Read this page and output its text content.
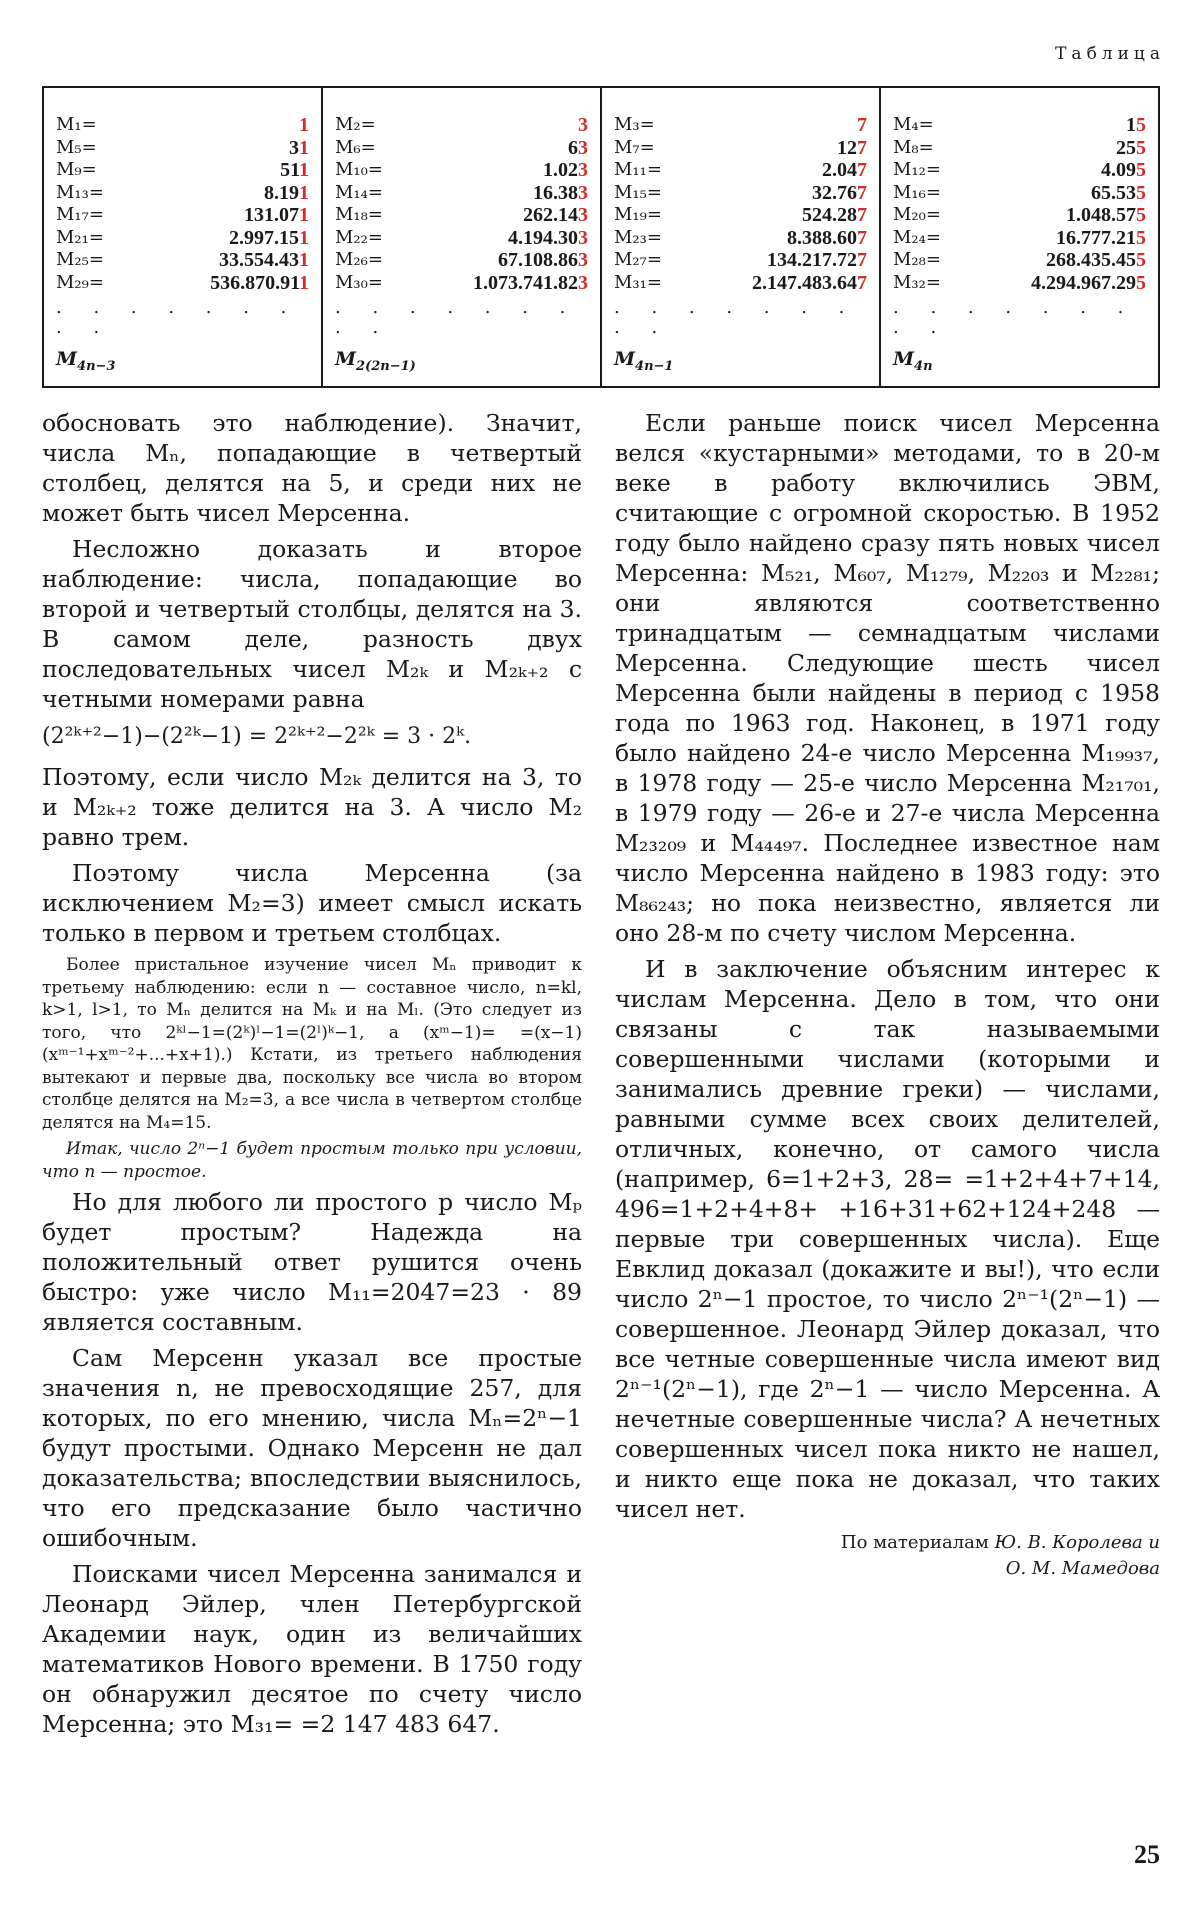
Таблица
M₁=	1
M₅=	31
M₉=	511
M₁₃=	8.191
M₁₇=	131.071
M₂₁=	2.997.151
M₂₅=	33.554.431
M₂₉=	536.870.911
. . . . . . . . .
$M_{4n-3}$

M₂=	3
M₆=	63
M₁₀=	1.023
M₁₄=	16.383
M₁₈=	262.143
M₂₂=	4.194.303
M₂₆=	67.108.863
M₃₀=	1.073.741.823
. . . . . . . . .
$M_{2(2n-1)}$

M₃=	7
M₇=	127
M₁₁=	2.047
M₁₅=	32.767
M₁₉=	524.287
M₂₃=	8.388.607
M₂₇=	134.217.727
M₃₁=	2.147.483.647
. . . . . . . . .
$M_{4n-1}$

M₄=	15
M₈=	255
M₁₂=	4.095
M₁₆=	65.535
M₂₀=	1.048.575
M₂₄=	16.777.215
M₂₈=	268.435.455
M₃₂=	4.294.967.295
. . . . . . . . .
$M_{4n}$

обосновать это наблюдение). Значит, числа Mₙ, попадающие в четвертый столбец, делятся на 5, и среди них не может быть чисел Мерсенна.

Несложно доказать и второе наблюдение: числа, попадающие во второй и четвертый столбцы, делятся на 3. В самом деле, разность двух последовательных чисел M₂ₖ и M₂ₖ₊₂ с четными номерами равна

(2²ᵏ⁺²−1)−(2²ᵏ−1) = 2²ᵏ⁺²−2²ᵏ = 3 · 2ᵏ.

Поэтому, если число M₂ₖ делится на 3, то и M₂ₖ₊₂ тоже делится на 3. А число M₂ равно трем.

Поэтому числа Мерсенна (за исключением M₂=3) имеет смысл искать только в первом и третьем столбцах.

Более пристальное изучение чисел Mₙ приводит к третьему наблюдению: если n — составное число, n=kl, k>1, l>1, то Mₙ делится на Mₖ и на Mₗ. (Это следует из того, что 2ᵏˡ−1=(2ᵏ)ˡ−1=(2ˡ)ᵏ−1, а (xᵐ−1)= =(x−1)(xᵐ⁻¹+xᵐ⁻²+...+x+1).) Кстати, из третьего наблюдения вытекают и первые два, поскольку все числа во втором столбце делятся на M₂=3, а все числа в четвертом столбце делятся на M₄=15.

Итак, число 2ⁿ−1 будет простым только при условии, что n — простое.

Но для любого ли простого p число Mₚ будет простым? Надежда на положительный ответ рушится очень быстро: уже число M₁₁=2047=23 · 89 является составным.

Сам Мерсенн указал все простые значения n, не превосходящие 257, для которых, по его мнению, числа Mₙ=2ⁿ−1 будут простыми. Однако Мерсенн не дал доказательства; впоследствии выяснилось, что его предсказание было частично ошибочным.

Поисками чисел Мерсенна занимался и Леонард Эйлер, член Петербургской Академии наук, один из величайших математиков Нового времени. В 1750 году он обнаружил десятое по счету число Мерсенна; это M₃₁= =2 147 483 647.

Если раньше поиск чисел Мерсенна велся «кустарными» методами, то в 20-м веке в работу включились ЭВМ, считающие с огромной скоростью. В 1952 году было найдено сразу пять новых чисел Мерсенна: M₅₂₁, M₆₀₇, M₁₂₇₉, M₂₂₀₃ и M₂₂₈₁; они являются соответственно тринадцатым — семнадцатым числами Мерсенна. Следующие шесть чисел Мерсенна были найдены в период с 1958 года по 1963 год. Наконец, в 1971 году было найдено 24-е число Мерсенна M₁₉₉₃₇, в 1978 году — 25-е число Мерсенна M₂₁₇₀₁, в 1979 году — 26-е и 27-е числа Мерсенна M₂₃₂₀₉ и M₄₄₄₉₇. Последнее известное нам число Мерсенна найдено в 1983 году: это M₈₆₂₄₃; но пока неизвестно, является ли оно 28-м по счету числом Мерсенна.

И в заключение объясним интерес к числам Мерсенна. Дело в том, что они связаны с так называемыми совершенными числами (которыми и занимались древние греки) — числами, равными сумме всех своих делителей, отличных, конечно, от самого числа (например, 6=1+2+3, 28= =1+2+4+7+14, 496=1+2+4+8+ +16+31+62+124+248 — первые три совершенных числа). Еще Евклид доказал (докажите и вы!), что если число 2ⁿ−1 простое, то число 2ⁿ⁻¹(2ⁿ−1) — совершенное. Леонард Эйлер доказал, что все четные совершенные числа имеют вид 2ⁿ⁻¹(2ⁿ−1), где 2ⁿ−1 — число Мерсенна. А нечетные совершенные числа? А нечетных совершенных чисел пока никто не нашел, и никто еще пока не доказал, что таких чисел нет.

По материалам Ю. В. Королева и
О. М. Мамедова
25
